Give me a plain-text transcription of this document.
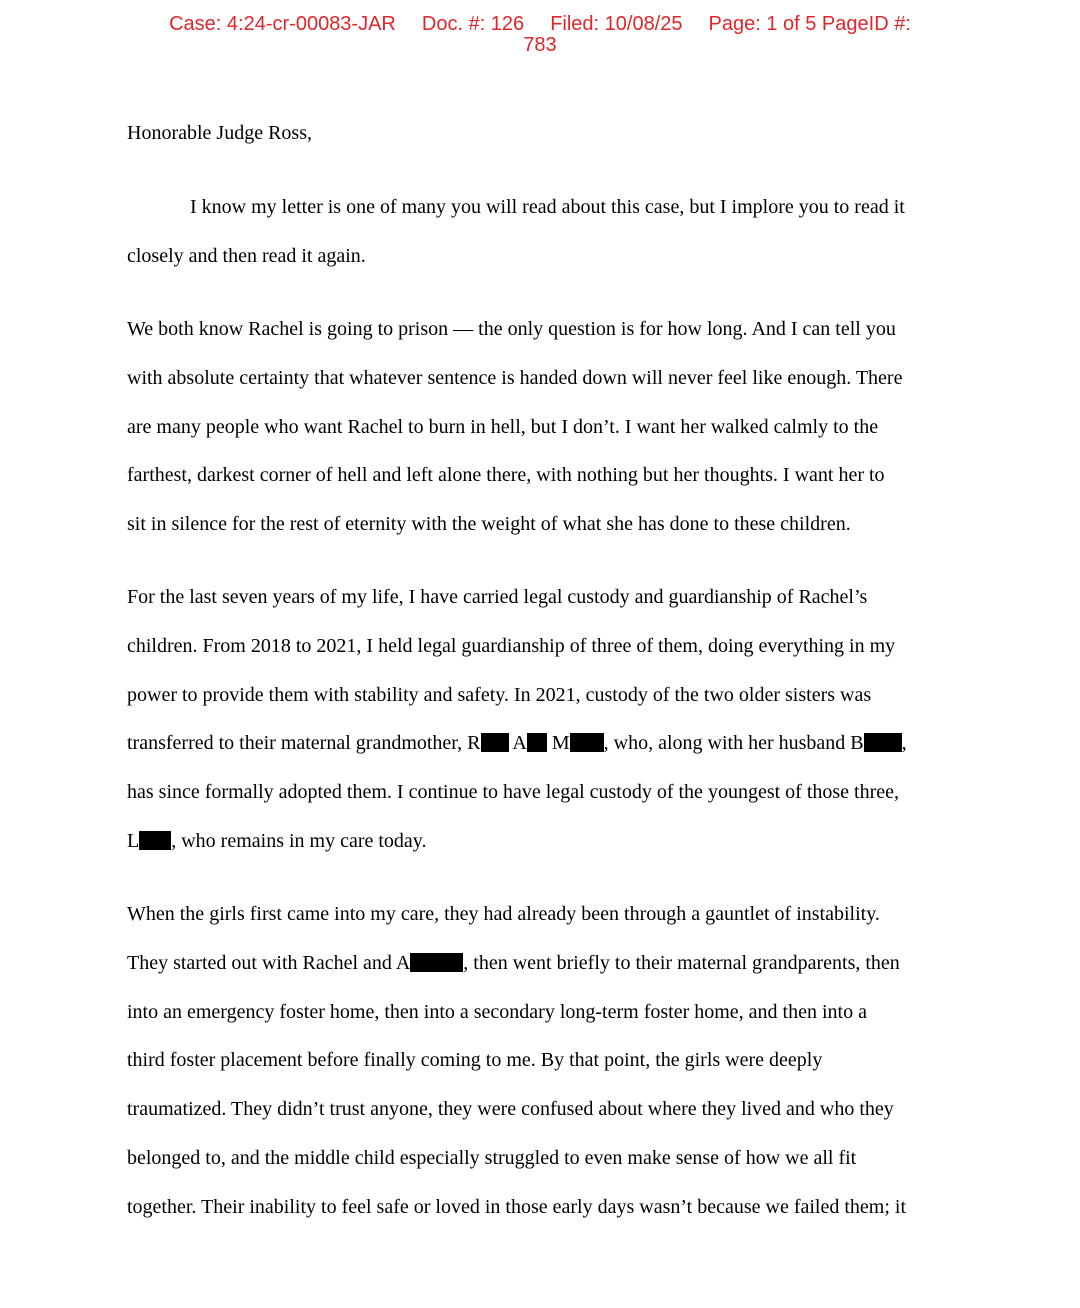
Case: 4:24-cr-00083-JAR Doc. #: 126 Filed: 10/08/25 Page: 1 of 5 PageID #:
783
Honorable Judge Ross,
I know my letter is one of many you will read about this case, but I implore you to read it
closely and then read it again.
We both know Rachel is going to prison — the only question is for how long. And I can tell you
with absolute certainty that whatever sentence is handed down will never feel like enough. There
are many people who want Rachel to burn in hell, but I don’t. I want her walked calmly to the
farthest, darkest corner of hell and left alone there, with nothing but her thoughts. I want her to
sit in silence for the rest of eternity with the weight of what she has done to these children.
For the last seven years of my life, I have carried legal custody and guardianship of Rachel’s
children. From 2018 to 2021, I held legal guardianship of three of them, doing everything in my
power to provide them with stability and safety. In 2021, custody of the two older sisters was
transferred to their maternal grandmother, R A M , who, along with her husband B ,
has since formally adopted them. I continue to have legal custody of the youngest of those three,
L , who remains in my care today.
When the girls first came into my care, they had already been through a gauntlet of instability.
They started out with Rachel and A	, then went briefly to their maternal grandparents, then
into an emergency foster home, then into a secondary long-term foster home, and then into a
third foster placement before finally coming to me. By that point, the girls were deeply
traumatized. They didn’t trust anyone, they were confused about where they lived and who they
belonged to, and the middle child especially struggled to even make sense of how we all fit
together. Their inability to feel safe or loved in those early days wasn’t because we failed them; it
